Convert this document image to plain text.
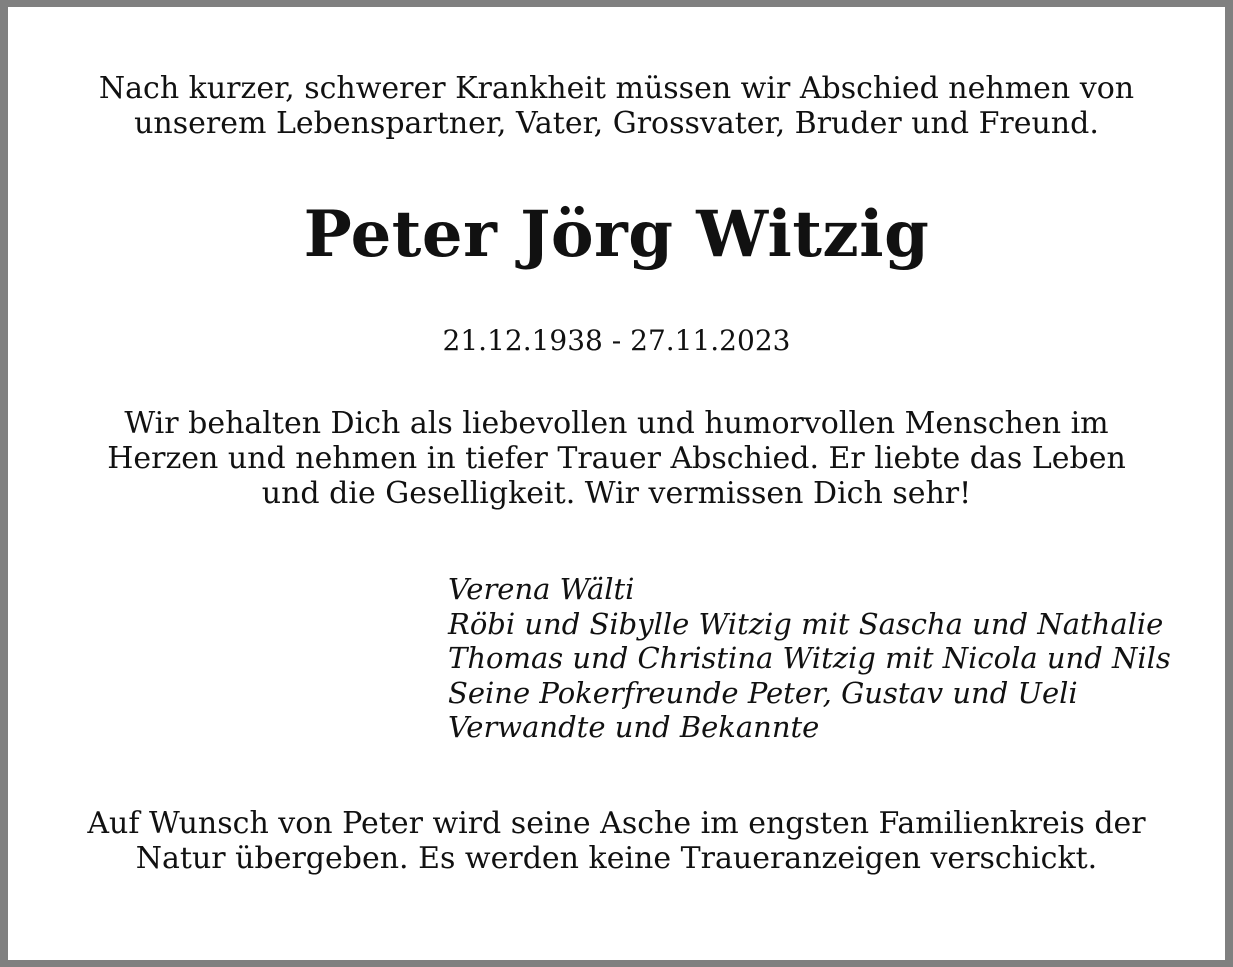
Nach kurzer, schwerer Krankheit müssen wir Abschied nehmen von
unserem Lebenspartner, Vater, Grossvater, Bruder und Freund.
Peter Jörg Witzig
21.12.1938 - 27.11.2023
Wir behalten Dich als liebevollen und humorvollen Menschen im
Herzen und nehmen in tiefer Trauer Abschied. Er liebte das Leben
und die Geselligkeit. Wir vermissen Dich sehr!
Verena Wälti
Röbi und Sibylle Witzig mit Sascha und Nathalie
Thomas und Christina Witzig mit Nicola und Nils
Seine Pokerfreunde Peter, Gustav und Ueli
Verwandte und Bekannte
Auf Wunsch von Peter wird seine Asche im engsten Familienkreis der
Natur übergeben. Es werden keine Traueranzeigen verschickt.
